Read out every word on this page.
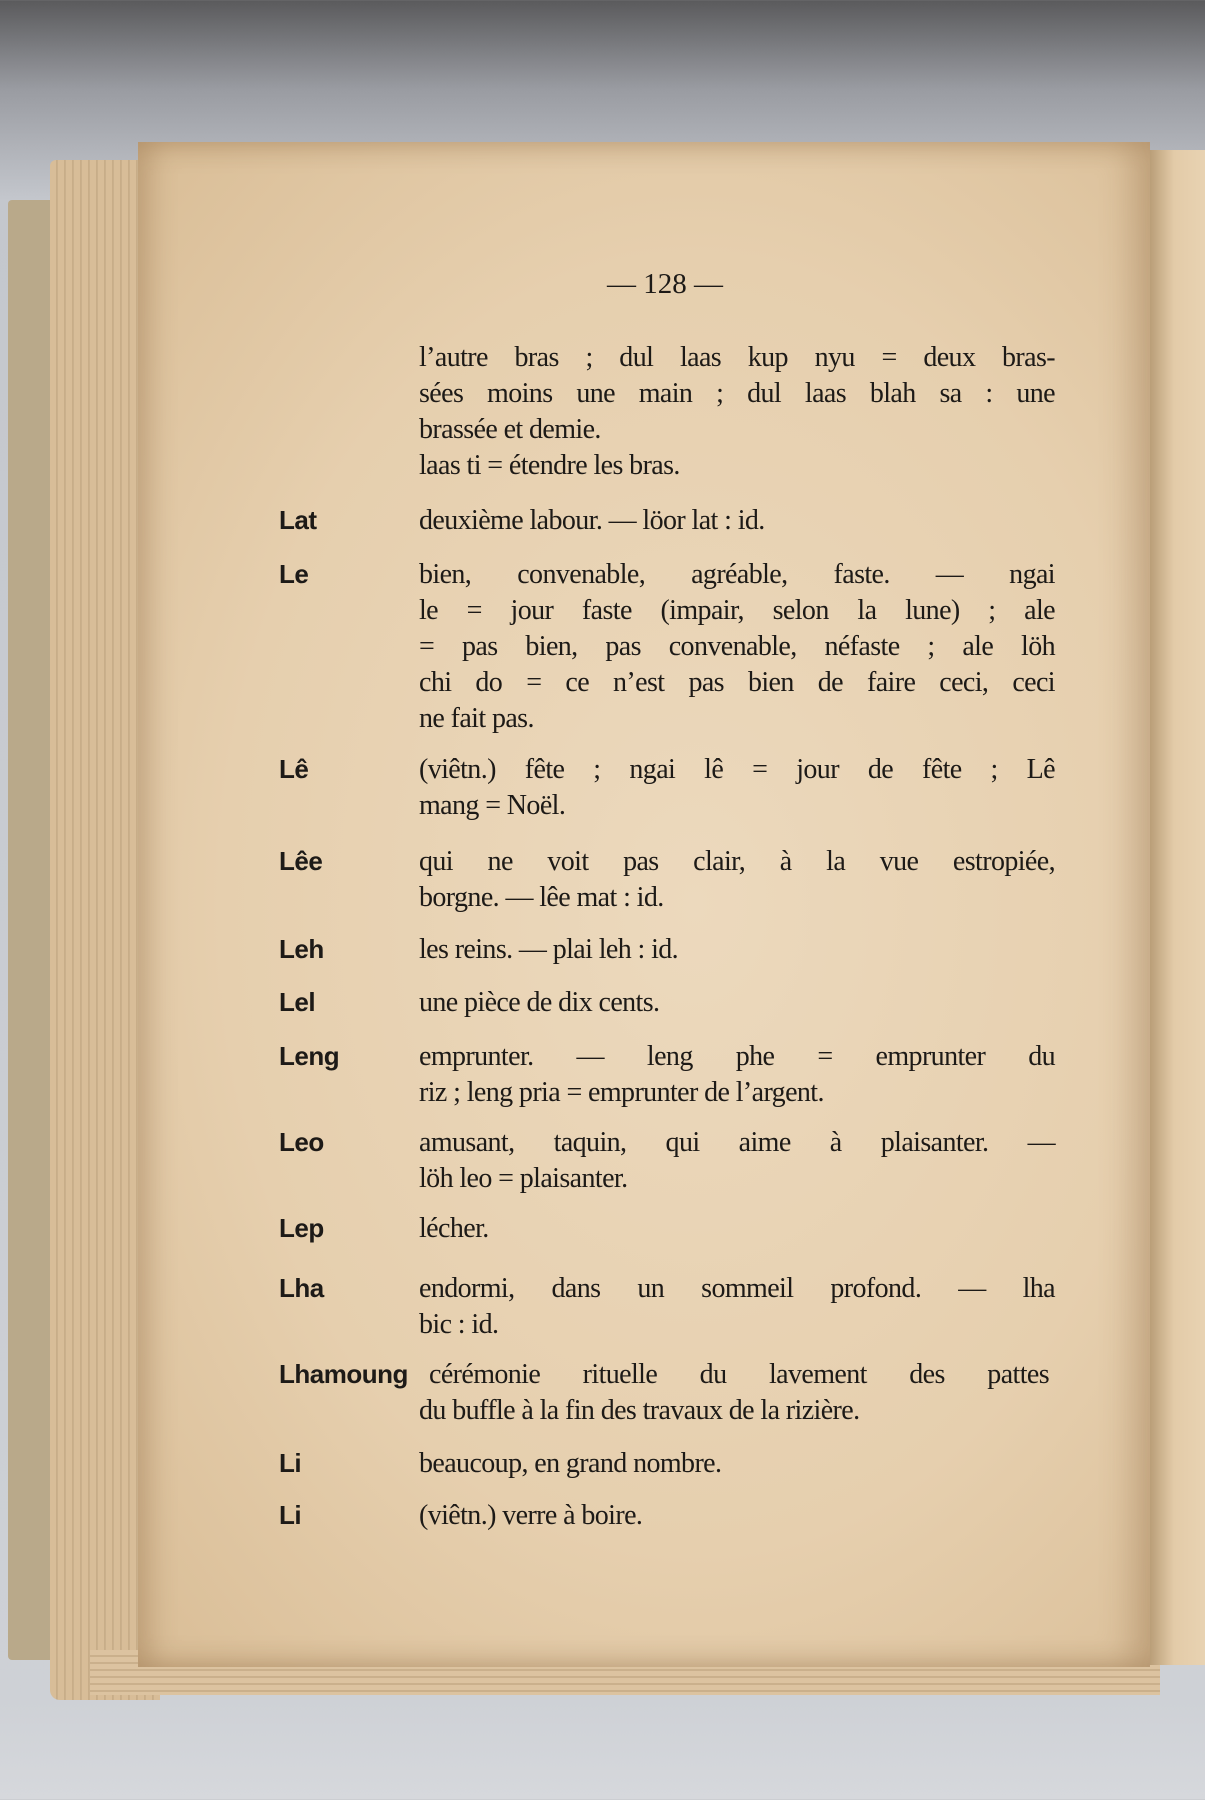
— 128 —
l’autre bras ; dul laas kup nyu = deux bras-
sées moins une main ; dul laas blah sa : une
brassée et demie.
laas ti = étendre les bras.
Lat	deuxième labour. — löor lat : id.
Le	bien, convenable, agréable, faste. — ngai
le = jour faste (impair, selon la lune) ; ale
= pas bien, pas convenable, néfaste ; ale löh
chi do = ce n’est pas bien de faire ceci, ceci
ne fait pas.
Lê	(viêtn.) fête ; ngai lê = jour de fête ; Lê
mang = Noël.
Lêe	qui ne voit pas clair, à la vue estropiée,
borgne. — lêe mat : id.
Leh	les reins. — plai leh : id.
Lel	une pièce de dix cents.
Leng	emprunter. — leng phe = emprunter du
riz ; leng pria = emprunter de l’argent.
Leo	amusant, taquin, qui aime à plaisanter. —
löh leo = plaisanter.
Lep	lécher.
Lha	endormi, dans un sommeil profond. — lha
bic : id.
Lhamoung cérémonie rituelle du lavement des pattes
du buffle à la fin des travaux de la rizière.
Li	beaucoup, en grand nombre.
Li	(viêtn.) verre à boire.
